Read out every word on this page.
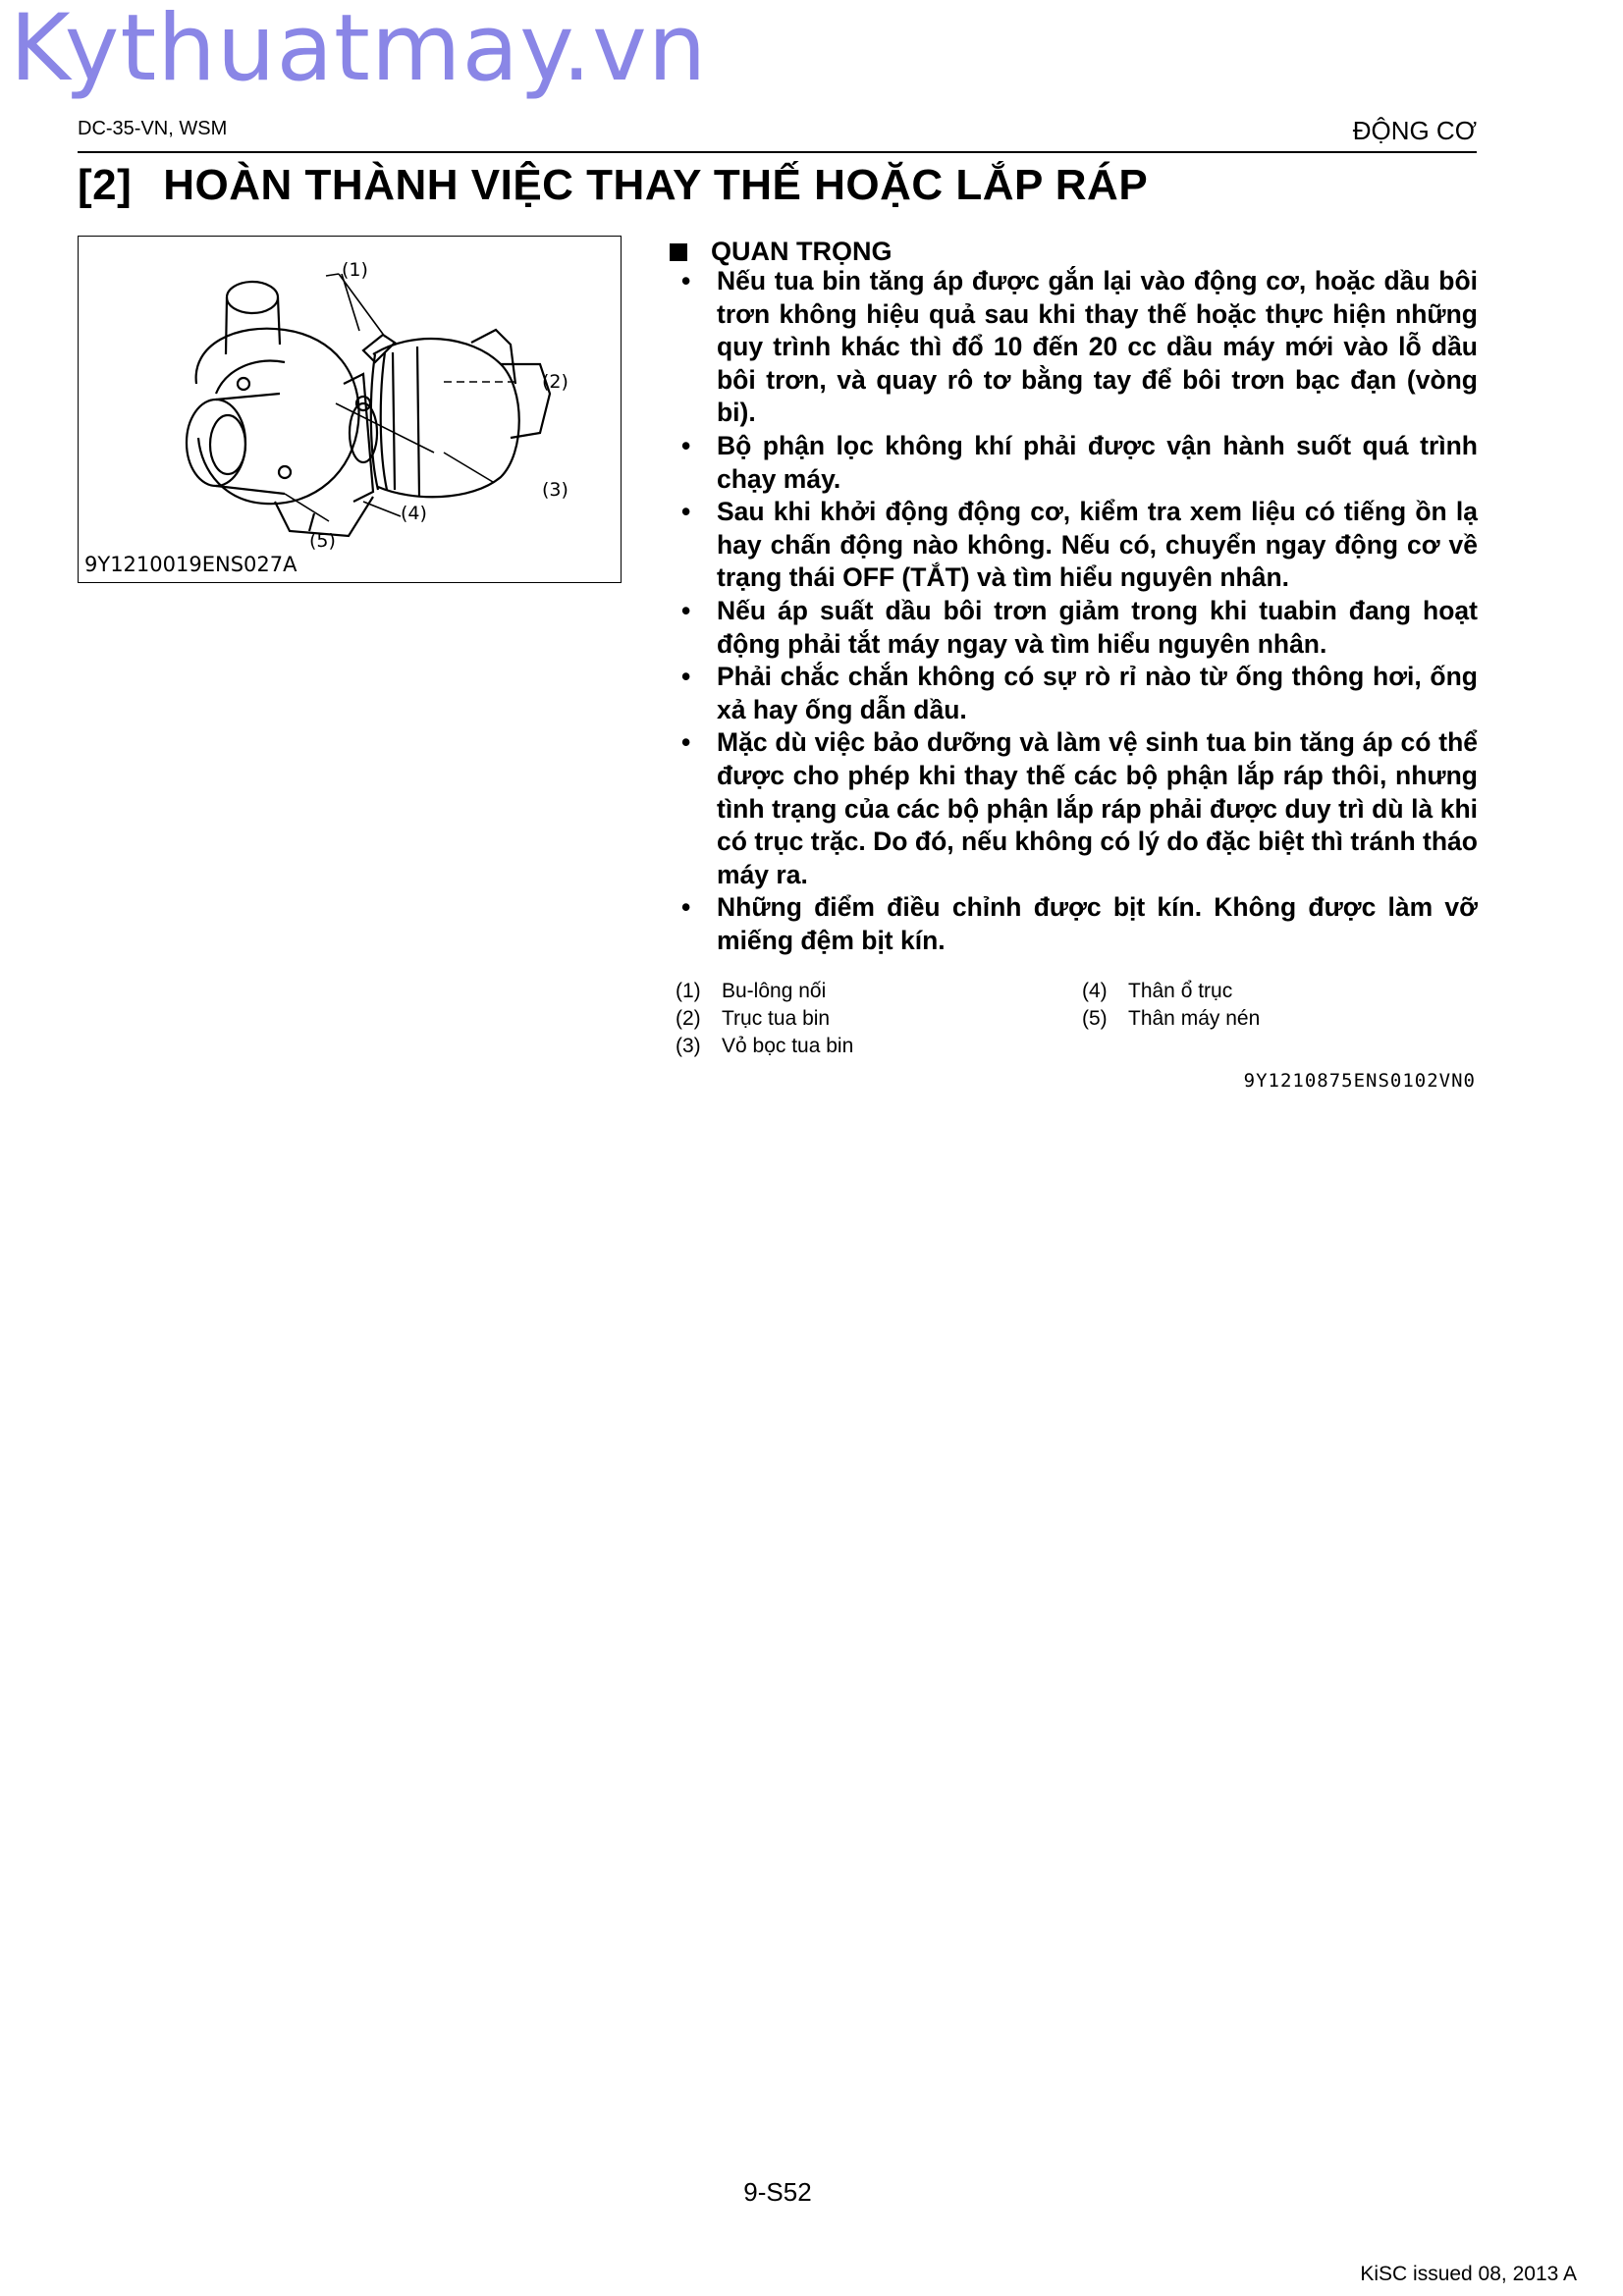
Kythuatmay.vn
DC-35-VN, WSM	ĐỘNG CƠ
[2] HOÀN THÀNH VIỆC THAY THẾ HOẶC LẮP RÁP
(1)
(2)
(3)
(4)
(5)
9Y1210019ENS027A
QUAN TRỌNG
• Nếu tua bin tăng áp được gắn lại vào động cơ, hoặc dầu bôi trơn không hiệu quả sau khi thay thế hoặc thực hiện những quy trình khác thì đổ 10 đến 20 cc dầu máy mới vào lỗ dầu bôi trơn, và quay rô tơ bằng tay để bôi trơn bạc đạn (vòng bi).
• Bộ phận lọc không khí phải được vận hành suốt quá trình chạy máy.
• Sau khi khởi động động cơ, kiểm tra xem liệu có tiếng ồn lạ hay chấn động nào không. Nếu có, chuyển ngay động cơ về trạng thái OFF (TẮT) và tìm hiểu nguyên nhân.
• Nếu áp suất dầu bôi trơn giảm trong khi tuabin đang hoạt động phải tắt máy ngay và tìm hiểu nguyên nhân.
• Phải chắc chắn không có sự rò rỉ nào từ ống thông hơi, ống xả hay ống dẫn dầu.
• Mặc dù việc bảo dưỡng và làm vệ sinh tua bin tăng áp có thể được cho phép khi thay thế các bộ phận lắp ráp thôi, nhưng tình trạng của các bộ phận lắp ráp phải được duy trì dù là khi có trục trặc. Do đó, nếu không có lý do đặc biệt thì tránh tháo máy ra.
• Những điểm điều chỉnh được bịt kín. Không được làm vỡ miếng đệm bịt kín.
(1)	Bu-lông nối
(2)	Trục tua bin
(3)	Vỏ bọc tua bin
(4)	Thân ổ trục
(5)	Thân máy nén
9Y1210875ENS0102VN0
9-S52
KiSC issued 08, 2013 A
